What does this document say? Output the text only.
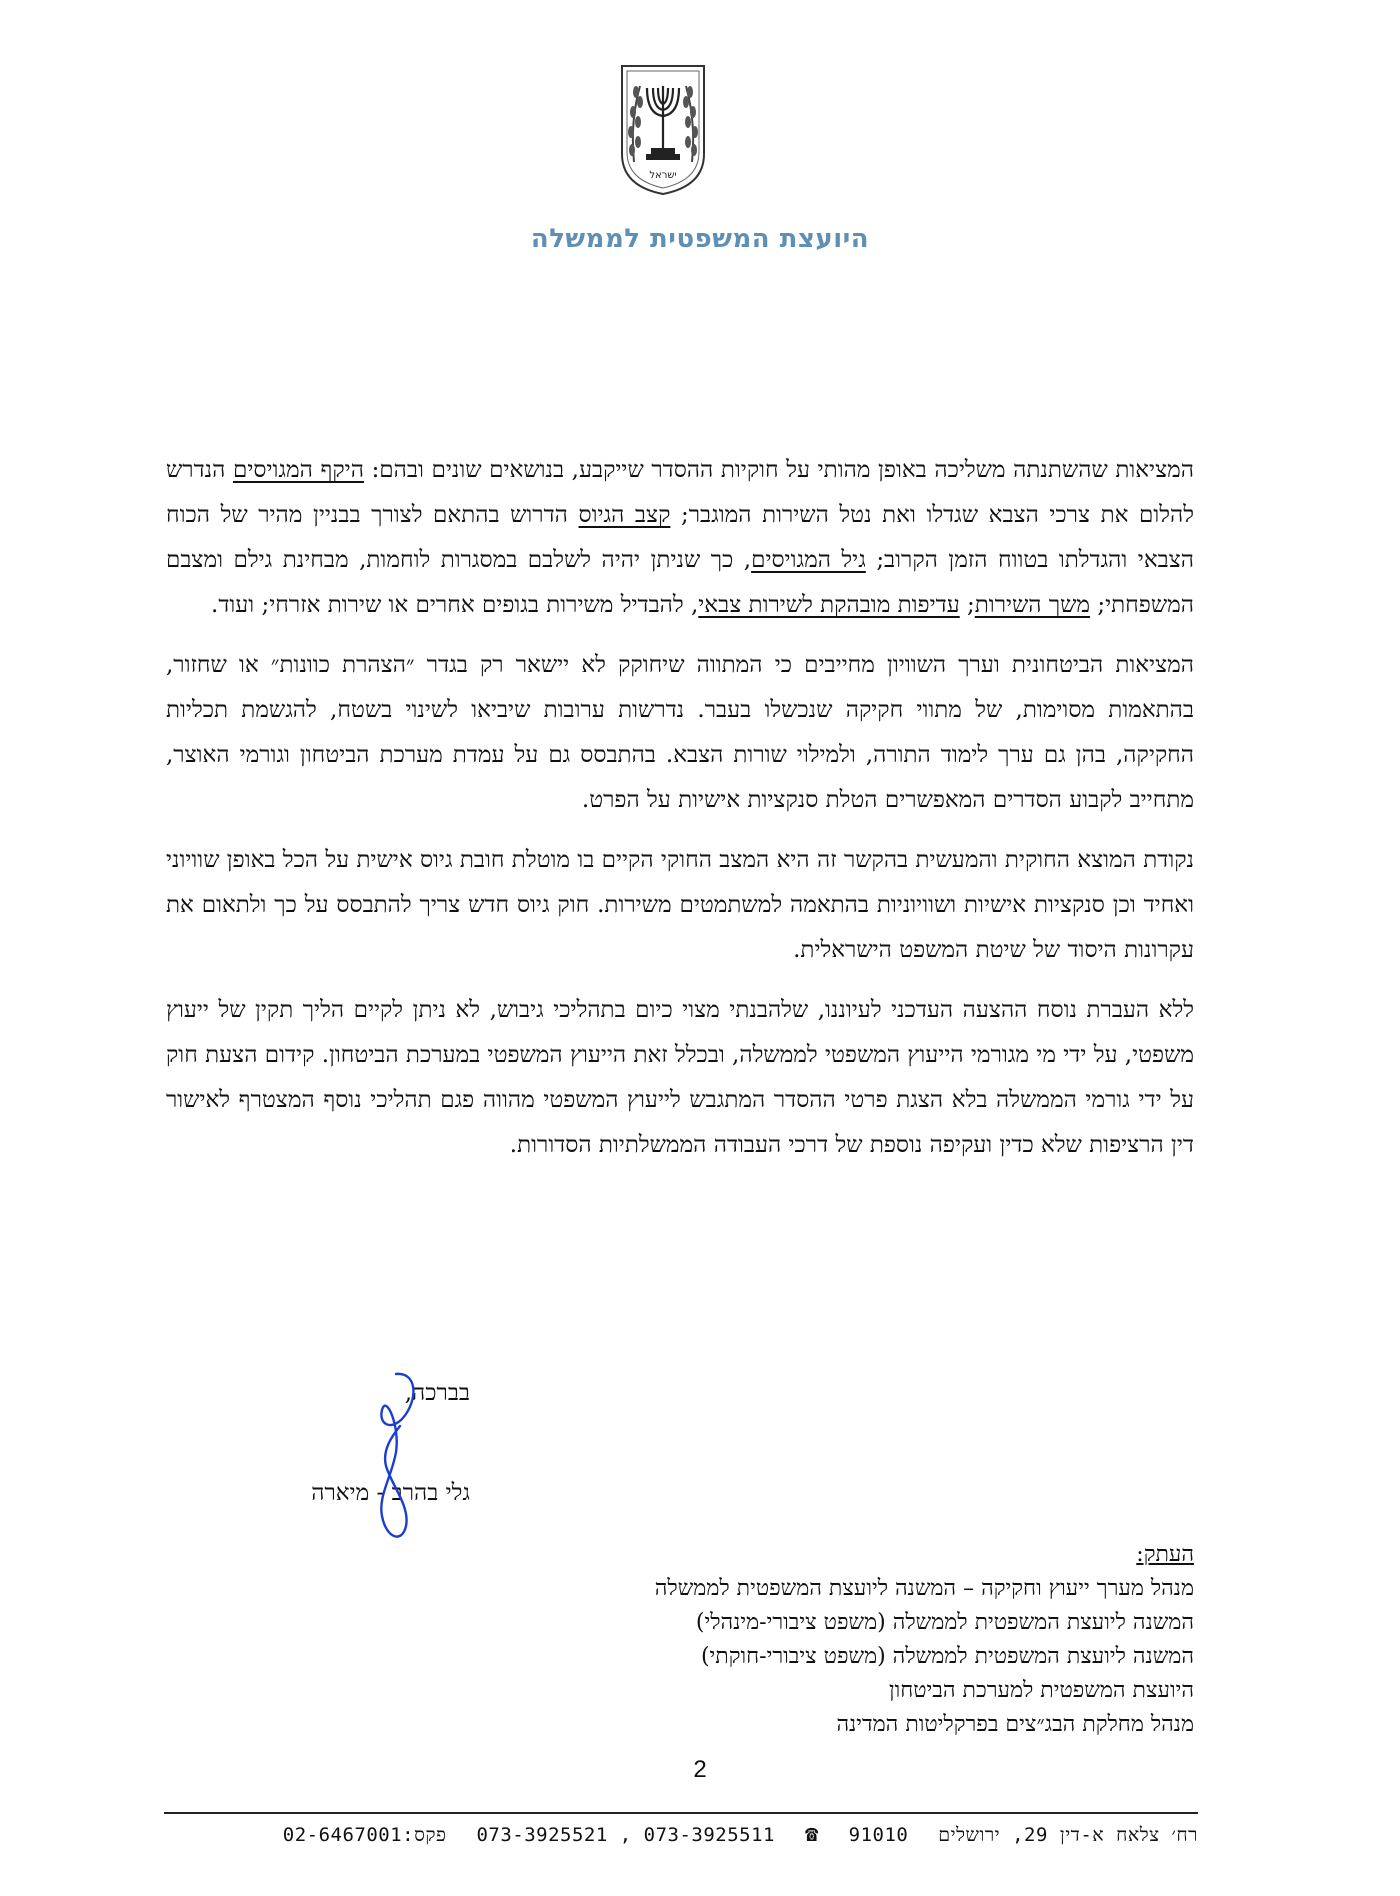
ישראל
היועצת המשפטית לממשלה

המציאות שהשתנתה משליכה באופן מהותי על חוקיות ההסדר שייקבע, בנושאים שונים ובהם: היקף המגויסים הנדרש להלום את צרכי הצבא שגדלו ואת נטל השירות המוגבר; קצב הגיוס הדרוש בהתאם לצורך בבניין מהיר של הכוח הצבאי והגדלתו בטווח הזמן הקרוב; גיל המגויסים, כך שניתן יהיה לשלבם במסגרות לוחמות, מבחינת גילם ומצבם המשפחתי; משך השירות; עדיפות מובהקת לשירות צבאי, להבדיל משירות בגופים אחרים או שירות אזרחי; ועוד.

המציאות הביטחונית וערך השוויון מחייבים כי המתווה שיחוקק לא יישאר רק בגדר ״הצהרת כוונות״ או שחזור, בהתאמות מסוימות, של מתווי חקיקה שנכשלו בעבר. נדרשות ערובות שיביאו לשינוי בשטח, להגשמת תכליות החקיקה, בהן גם ערך לימוד התורה, ולמילוי שורות הצבא. בהתבסס גם על עמדת מערכת הביטחון וגורמי האוצר, מתחייב לקבוע הסדרים המאפשרים הטלת סנקציות אישיות על הפרט.

נקודת המוצא החוקית והמעשית בהקשר זה היא המצב החוקי הקיים בו מוטלת חובת גיוס אישית על הכל באופן שוויוני ואחיד וכן סנקציות אישיות ושוויוניות בהתאמה למשתמטים משירות. חוק גיוס חדש צריך להתבסס על כך ולתאום את עקרונות היסוד של שיטת המשפט הישראלית.

ללא העברת נוסח ההצעה העדכני לעיוננו, שלהבנתי מצוי כיום בתהליכי גיבוש, לא ניתן לקיים הליך תקין של ייעוץ משפטי, על ידי מי מגורמי הייעוץ המשפטי לממשלה, ובכלל זאת הייעוץ המשפטי במערכת הביטחון. קידום הצעת חוק על ידי גורמי הממשלה בלא הצגת פרטי ההסדר המתגבש לייעוץ המשפטי מהווה פגם תהליכי נוסף המצטרף לאישור דין הרציפות שלא כדין ועקיפה נוספת של דרכי העבודה הממשלתיות הסדורות.

בברכה,
גלי בהרב - מיארה
העתק:
מנהל מערך ייעוץ וחקיקה – המשנה ליועצת המשפטית לממשלה
המשנה ליועצת המשפטית לממשלה (משפט ציבורי-מינהלי)
המשנה ליועצת המשפטית לממשלה (משפט ציבורי-חוקתי)
היועצת המשפטית למערכת הביטחון
מנהל מחלקת הבג״צים בפרקליטות המדינה
2
רח׳ צלאח א-דין 29, ירושלים 91010 ☎ 073-3925511 , 073-3925521 פקס:02-6467001
